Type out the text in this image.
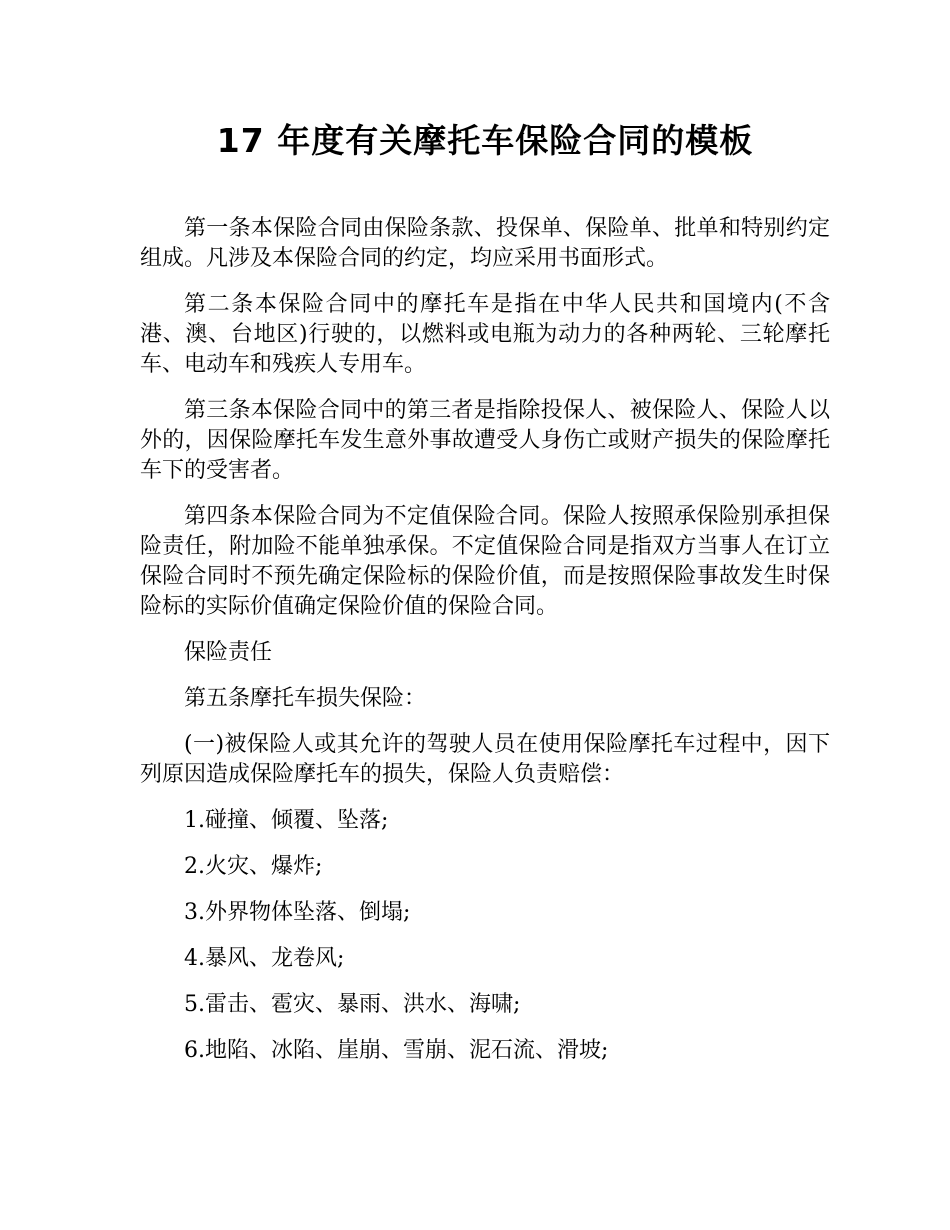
17 年度有关摩托车保险合同的模板

第一条本保险合同由保险条款、投保单、保险单、批单和特别约定组成。凡涉及本保险合同的约定，均应采用书面形式。

第二条本保险合同中的摩托车是指在中华人民共和国境内(不含港、澳、台地区)行驶的，以燃料或电瓶为动力的各种两轮、三轮摩托车、电动车和残疾人专用车。

第三条本保险合同中的第三者是指除投保人、被保险人、保险人以外的，因保险摩托车发生意外事故遭受人身伤亡或财产损失的保险摩托车下的受害者。

第四条本保险合同为不定值保险合同。保险人按照承保险别承担保险责任，附加险不能单独承保。不定值保险合同是指双方当事人在订立保险合同时不预先确定保险标的保险价值，而是按照保险事故发生时保险标的实际价值确定保险价值的保险合同。

保险责任

第五条摩托车损失保险：

(一)被保险人或其允许的驾驶人员在使用保险摩托车过程中，因下列原因造成保险摩托车的损失，保险人负责赔偿：

1.碰撞、倾覆、坠落;

2.火灾、爆炸;

3.外界物体坠落、倒塌;

4.暴风、龙卷风;

5.雷击、雹灾、暴雨、洪水、海啸;

6.地陷、冰陷、崖崩、雪崩、泥石流、滑坡;
